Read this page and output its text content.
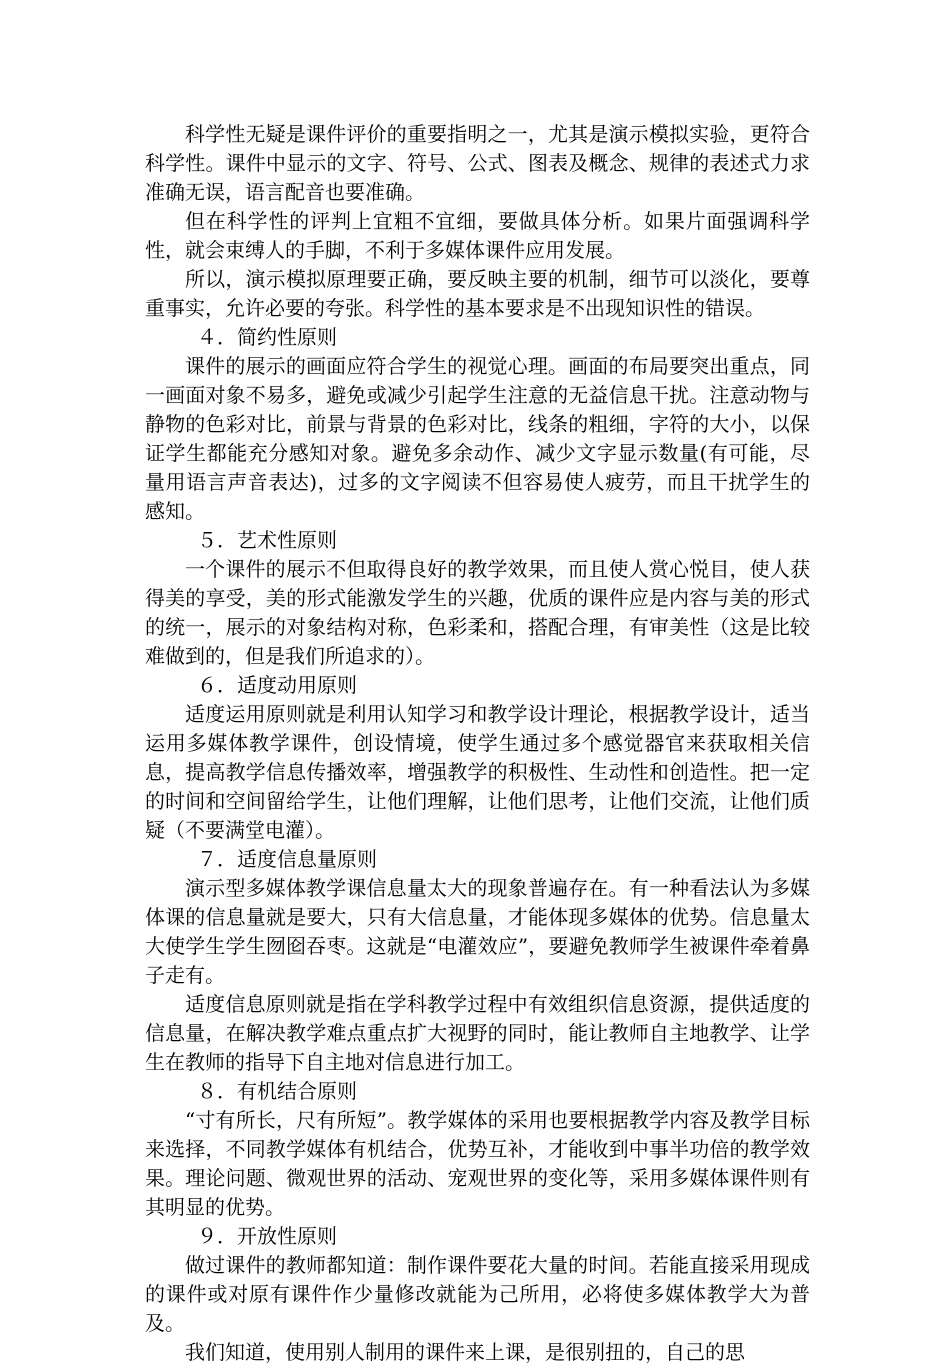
科学性无疑是课件评价的重要指明之一，尤其是演示模拟实验，更符合科学性。课件中显示的文字、符号、公式、图表及概念、规律的表述式力求准确无误，语言配音也要准确。

但在科学性的评判上宜粗不宜细，要做具体分析。如果片面强调科学性，就会束缚人的手脚，不利于多媒体课件应用发展。

所以，演示模拟原理要正确，要反映主要的机制，细节可以淡化，要尊重事实，允许必要的夸张。科学性的基本要求是不出现知识性的错误。

４．简约性原则

课件的展示的画面应符合学生的视觉心理。画面的布局要突出重点，同一画面对象不易多，避免或减少引起学生注意的无益信息干扰。注意动物与静物的色彩对比，前景与背景的色彩对比，线条的粗细，字符的大小，以保证学生都能充分感知对象。避免多余动作、减少文字显示数量(有可能，尽量用语言声音表达)，过多的文字阅读不但容易使人疲劳，而且干扰学生的感知。

５．艺术性原则

一个课件的展示不但取得良好的教学效果，而且使人赏心悦目，使人获得美的享受，美的形式能激发学生的兴趣，优质的课件应是内容与美的形式的统一，展示的对象结构对称，色彩柔和，搭配合理，有审美性（这是比较难做到的，但是我们所追求的）。

６．适度动用原则

适度运用原则就是利用认知学习和教学设计理论，根据教学设计，适当运用多媒体教学课件，创设情境，使学生通过多个感觉器官来获取相关信息，提高教学信息传播效率，增强教学的积极性、生动性和创造性。把一定的时间和空间留给学生，让他们理解，让他们思考，让他们交流，让他们质疑（不要满堂电灌）。

７．适度信息量原则

演示型多媒体教学课信息量太大的现象普遍存在。有一种看法认为多媒体课的信息量就是要大，只有大信息量，才能体现多媒体的优势。信息量太大使学生学生囫囵吞枣。这就是“电灌效应”，要避免教师学生被课件牵着鼻子走有。

适度信息原则就是指在学科教学过程中有效组织信息资源，提供适度的信息量，在解决教学难点重点扩大视野的同时，能让教师自主地教学、让学生在教师的指导下自主地对信息进行加工。

８．有机结合原则

“寸有所长，尺有所短”。教学媒体的采用也要根据教学内容及教学目标来选择，不同教学媒体有机结合，优势互补，才能收到中事半功倍的教学效果。理论问题、微观世界的活动、宠观世界的变化等，采用多媒体课件则有其明显的优势。

９．开放性原则

做过课件的教师都知道：制作课件要花大量的时间。若能直接采用现成的课件或对原有课件作少量修改就能为己所用，必将使多媒体教学大为普及。

我们知道，使用别人制用的课件来上课，是很别扭的，自己的思
